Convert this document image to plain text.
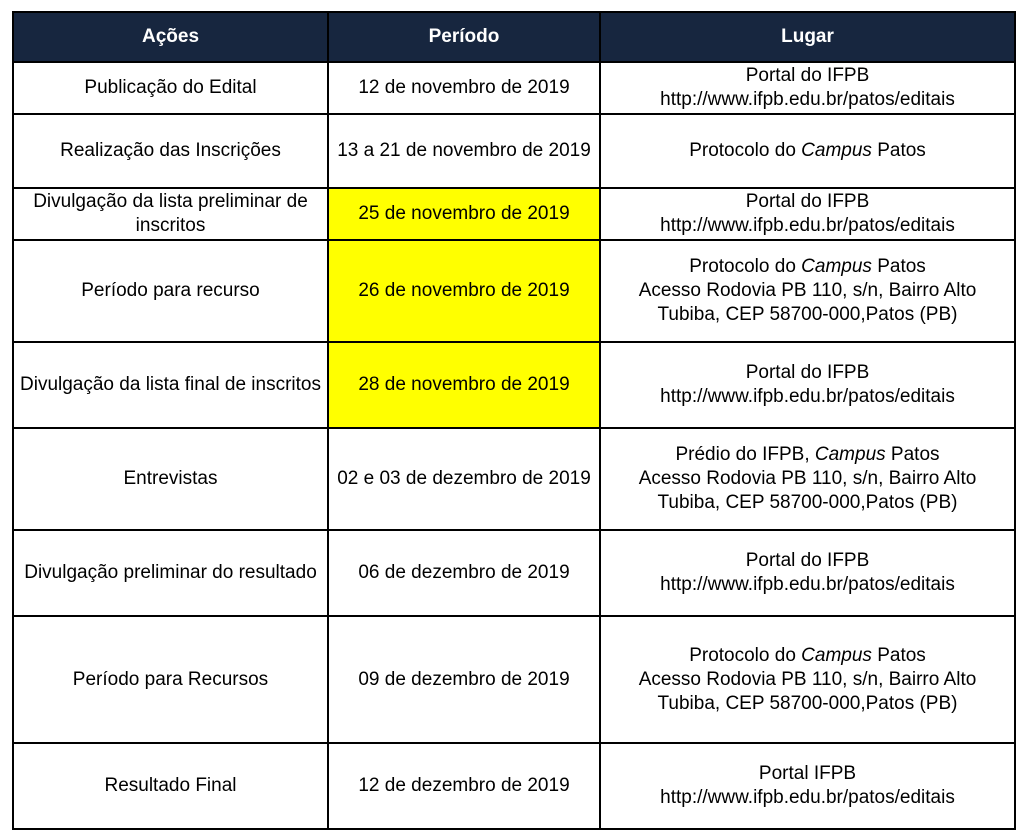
Ações	Período	Lugar
Publicação do Edital	12 de novembro de 2019	Portal do IFPB
http://www.ifpb.edu.br/patos/editais

Realização das Inscrições	13 a 21 de novembro de 2019	Protocolo do Campus Patos
Divulgação da lista preliminar de inscritos	25 de novembro de 2019	Portal do IFPB
http://www.ifpb.edu.br/patos/editais

Período para recurso	26 de novembro de 2019	Protocolo do Campus Patos
Acesso Rodovia PB 110, s/n, Bairro Alto Tubiba, CEP 58700-000,Patos (PB)

Divulgação da lista final de inscritos	28 de novembro de 2019	Portal do IFPB
http://www.ifpb.edu.br/patos/editais

Entrevistas	02 e 03 de dezembro de 2019	Prédio do IFPB, Campus Patos
Acesso Rodovia PB 110, s/n, Bairro Alto Tubiba, CEP 58700-000,Patos (PB)

Divulgação preliminar do resultado	06 de dezembro de 2019	Portal do IFPB
http://www.ifpb.edu.br/patos/editais

Período para Recursos	09 de dezembro de 2019	Protocolo do Campus Patos
Acesso Rodovia PB 110, s/n, Bairro Alto Tubiba, CEP 58700-000,Patos (PB)

Resultado Final	12 de dezembro de 2019	Portal IFPB
http://www.ifpb.edu.br/patos/editais
